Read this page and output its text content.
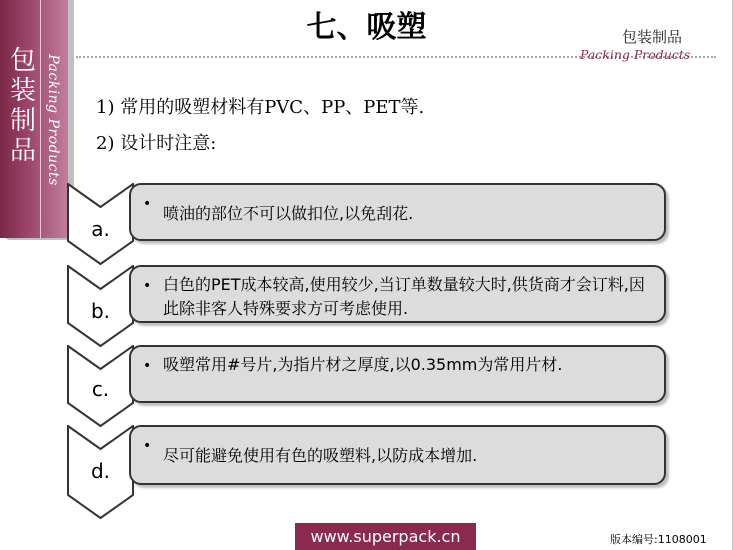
包装制品 Packing Products
七、吸塑	包装制品
Packing Products
1) 常用的吸塑材料有PVC、PP、PET等.
2) 设计时注意:
a.
• 喷油的部位不可以做扣位,以免刮花.
b.
• 白色的PET成本较高,使用较少,当订单数量较大时,供货商才会订料,因此除非客人特殊要求方可考虑使用.
c.
• 吸塑常用#号片,为指片材之厚度,以0.35mm为常用片材.
d.
• 尽可能避免使用有色的吸塑料,以防成本增加.
www.superpack.cn	版本编号:1108001
